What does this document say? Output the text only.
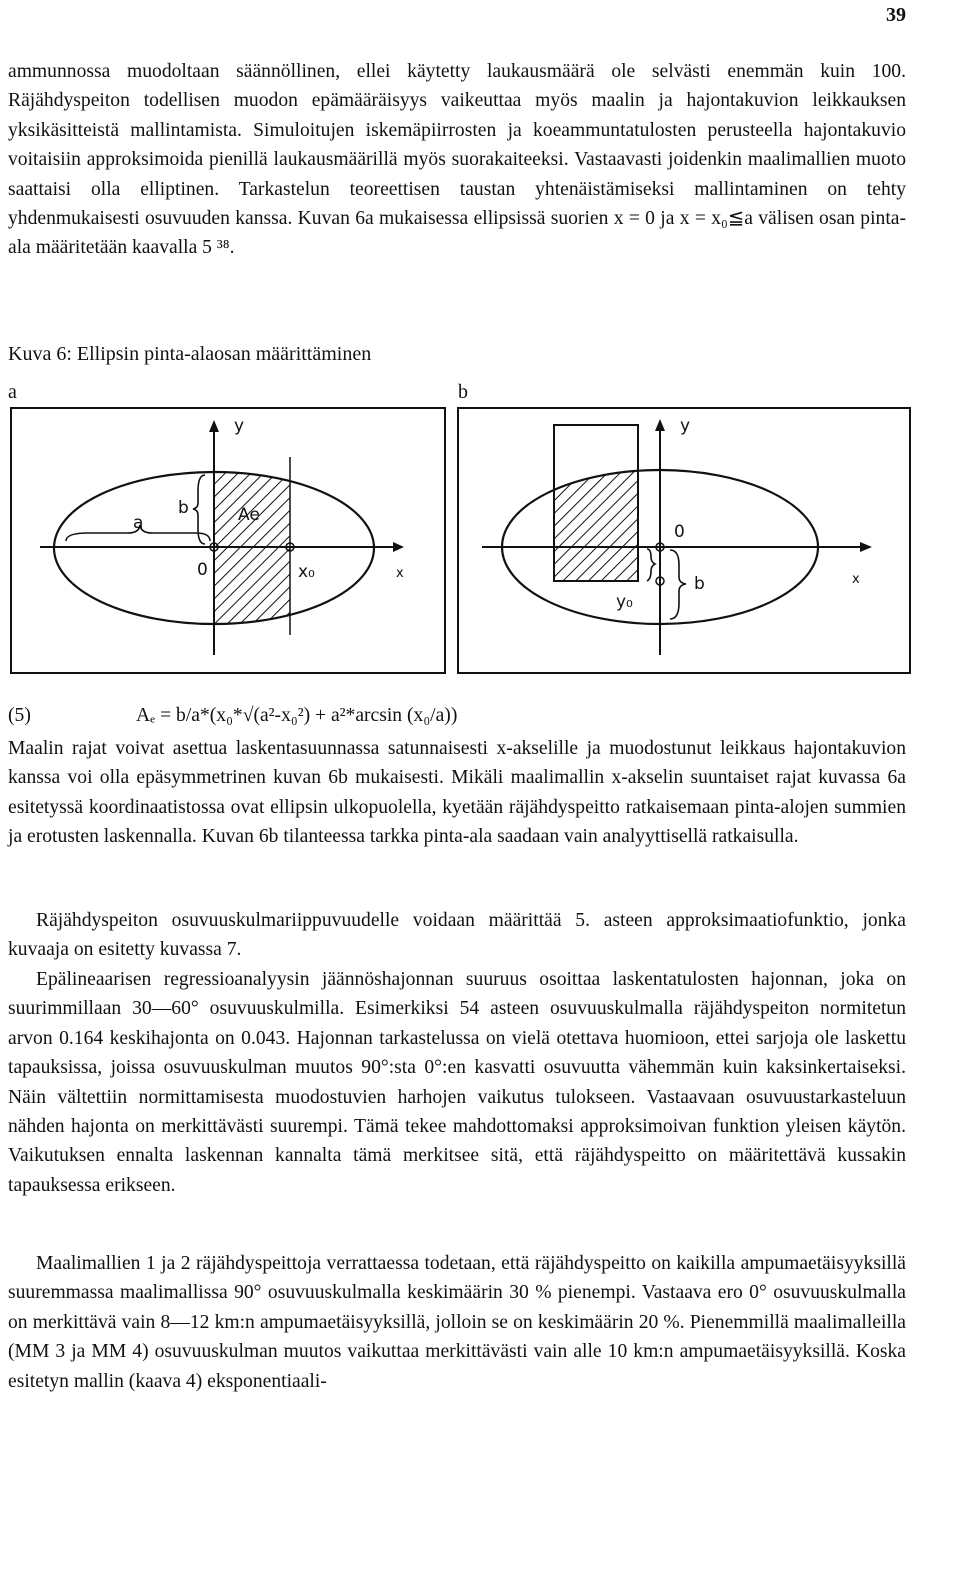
39

ammunnossa muodoltaan säännöllinen, ellei käytetty laukausmäärä ole selvästi enemmän kuin 100. Räjähdyspeiton todellisen muodon epämääräisyys vaikeuttaa myös maalin ja hajontakuvion leikkauksen yksikäsitteistä mallintamista. Simuloitujen iskemäpiirrosten ja koeammuntatulosten perusteella hajontakuvio voitaisiin approksimoida pienillä laukausmäärillä myös suorakaiteeksi. Vastaavasti joidenkin maalimallien muoto saattaisi olla elliptinen. Tarkastelun teoreettisen taustan yhtenäistämiseksi mallintaminen on tehty yhdenmukaisesti osuvuuden kanssa. Kuvan 6a mukaisessa ellipsissä suorien x = 0 ja x = x₀≦a välisen osan pinta-ala määritetään kaavalla 5 ³⁸.

Kuva 6: Ellipsin pinta-alaosan määrittäminen
a	b
a
b	Ae
y
0	x₀	x
y
0
b
y₀
x
(5)	Aₑ = b/a*(x₀*√(a²-x₀²) + a²*arcsin (x₀/a))

Maalin rajat voivat asettua laskentasuunnassa satunnaisesti x-akselille ja muodostunut leikkaus hajontakuvion kanssa voi olla epäsymmetrinen kuvan 6b mukaisesti. Mikäli maalimallin x-akselin suuntaiset rajat kuvassa 6a esitetyssä koordinaatistossa ovat ellipsin ulkopuolella, kyetään räjähdyspeitto ratkaisemaan pinta-alojen summien ja erotusten laskennalla. Kuvan 6b tilanteessa tarkka pinta-ala saadaan vain analyyttisellä ratkaisulla.

Räjähdyspeiton osuvuuskulmariippuvuudelle voidaan määrittää 5. asteen approksimaatiofunktio, jonka kuvaaja on esitetty kuvassa 7.

Epälineaarisen regressioanalyysin jäännöshajonnan suuruus osoittaa laskentatulosten hajonnan, joka on suurimmillaan 30—60° osuvuuskulmilla. Esimerkiksi 54 asteen osuvuuskulmalla räjähdyspeiton normitetun arvon 0.164 keskihajonta on 0.043. Hajonnan tarkastelussa on vielä otettava huomioon, ettei sarjoja ole laskettu tapauksissa, joissa osuvuuskulman muutos 90°:sta 0°:en kasvatti osuvuutta vähemmän kuin kaksinkertaiseksi. Näin vältettiin normittamisesta muodostuvien harhojen vaikutus tulokseen. Vastaavaan osuvuustarkasteluun nähden hajonta on merkittävästi suurempi. Tämä tekee mahdottomaksi approksimoivan funktion yleisen käytön. Vaikutuksen ennalta laskennan kannalta tämä merkitsee sitä, että räjähdyspeitto on määritettävä kussakin tapauksessa erikseen.

Maalimallien 1 ja 2 räjähdyspeittoja verrattaessa todetaan, että räjähdyspeitto on kaikilla ampumaetäisyyksillä suuremmassa maalimallissa 90° osuvuuskulmalla keskimäärin 30 % pienempi. Vastaava ero 0° osuvuuskulmalla on merkittävä vain 8—12 km:n ampumaetäisyyksillä, jolloin se on keskimäärin 20 %. Pienemmillä maalimalleilla (MM 3 ja MM 4) osuvuuskulman muutos vaikuttaa merkittävästi vain alle 10 km:n ampumaetäisyyksillä. Koska esitetyn mallin (kaava 4) eksponentiaali-
